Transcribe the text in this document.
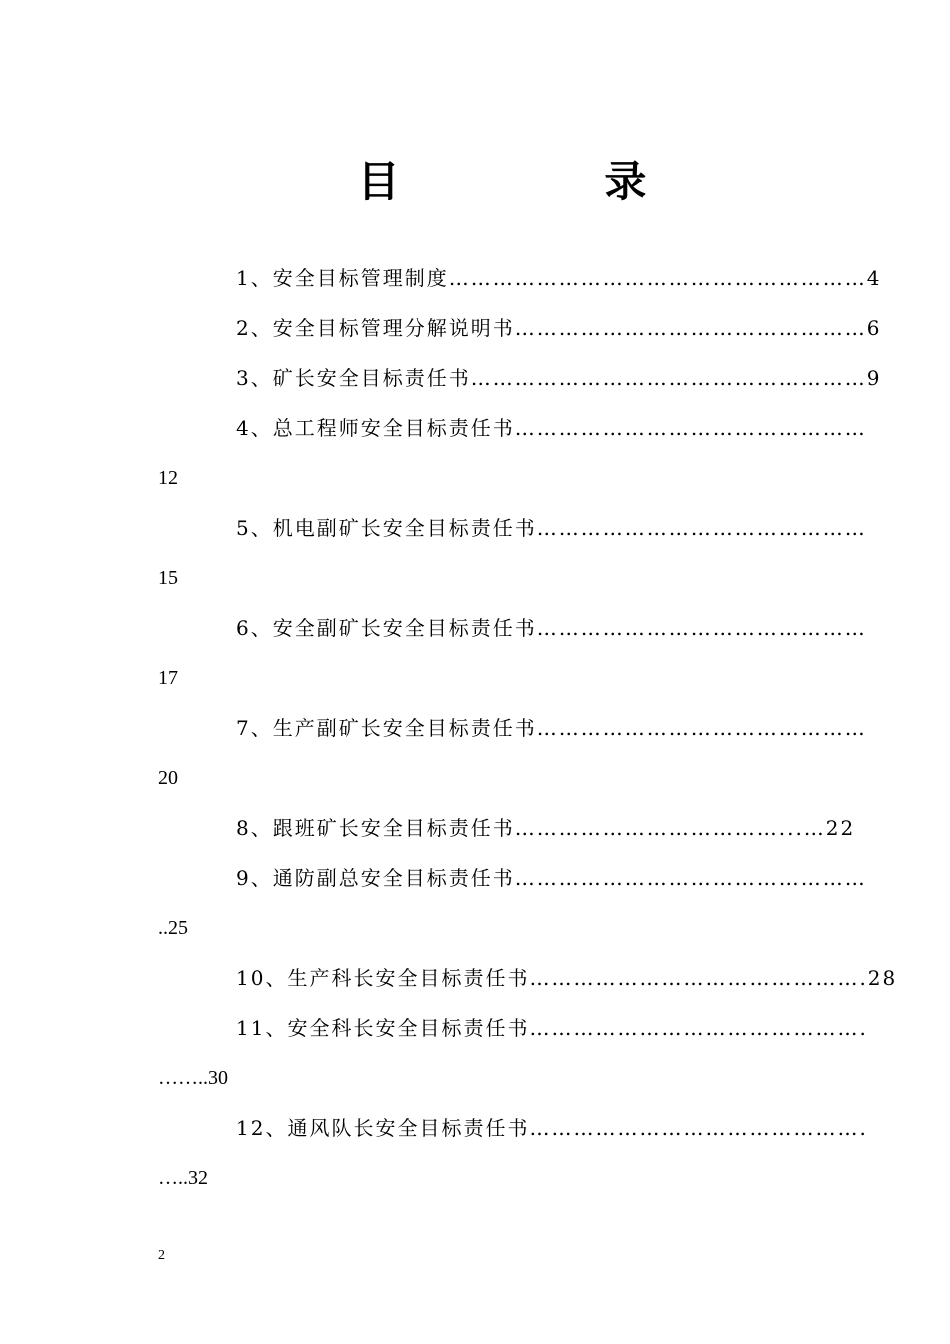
目              录
1、安全目标管理制度…………………………………………………4
2、安全目标管理分解说明书…………………………………………6
3、矿长安全目标责任书………………………………………………9
4、总工程师安全目标责任书…………………………………………
12
5、机电副矿长安全目标责任书………………………………………
15
6、安全副矿长安全目标责任书………………………………………
17
7、生产副矿长安全目标责任书………………………………………
20
8、跟班矿长安全目标责任书………………………………...…22
9、通防副总安全目标责任书…………………………………………
..25
10、生产科长安全目标责任书……………………………………….28
11、安全科长安全目标责任书……………………………………….
……..30
12、通风队长安全目标责任书……………………………………….
…..32
2
